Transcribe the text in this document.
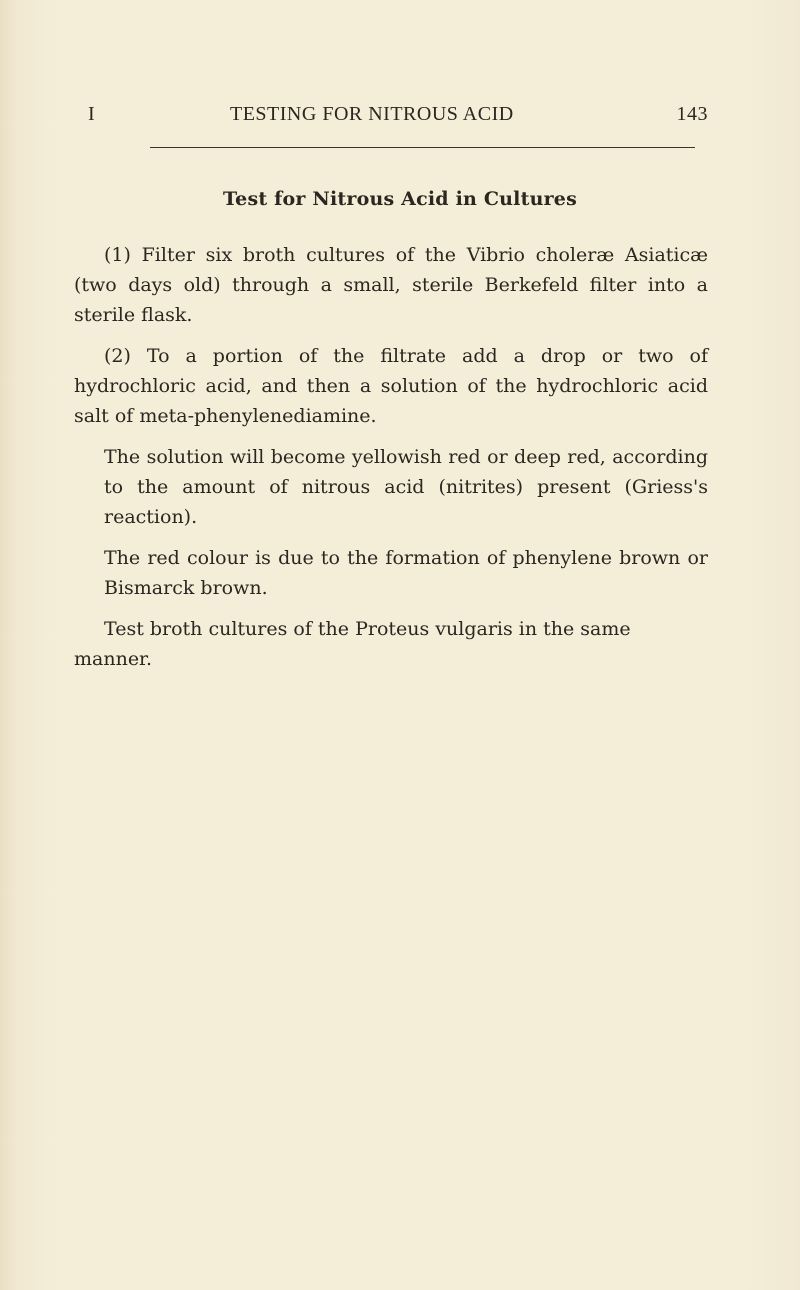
I	TESTING FOR NITROUS ACID	143
Test for Nitrous Acid in Cultures

(1) Filter six broth cultures of the Vibrio choleræ Asiaticæ (two days old) through a small, sterile Berkefeld filter into a sterile flask.

(2) To a portion of the filtrate add a drop or two of hydrochloric acid, and then a solution of the hydrochloric acid salt of meta-phenylenediamine.

The solution will become yellowish red or deep red, according to the amount of nitrous acid (nitrites) present (Griess's reaction).

The red colour is due to the formation of phenylene brown or Bismarck brown.

Test broth cultures of the Proteus vulgaris in the same manner.
